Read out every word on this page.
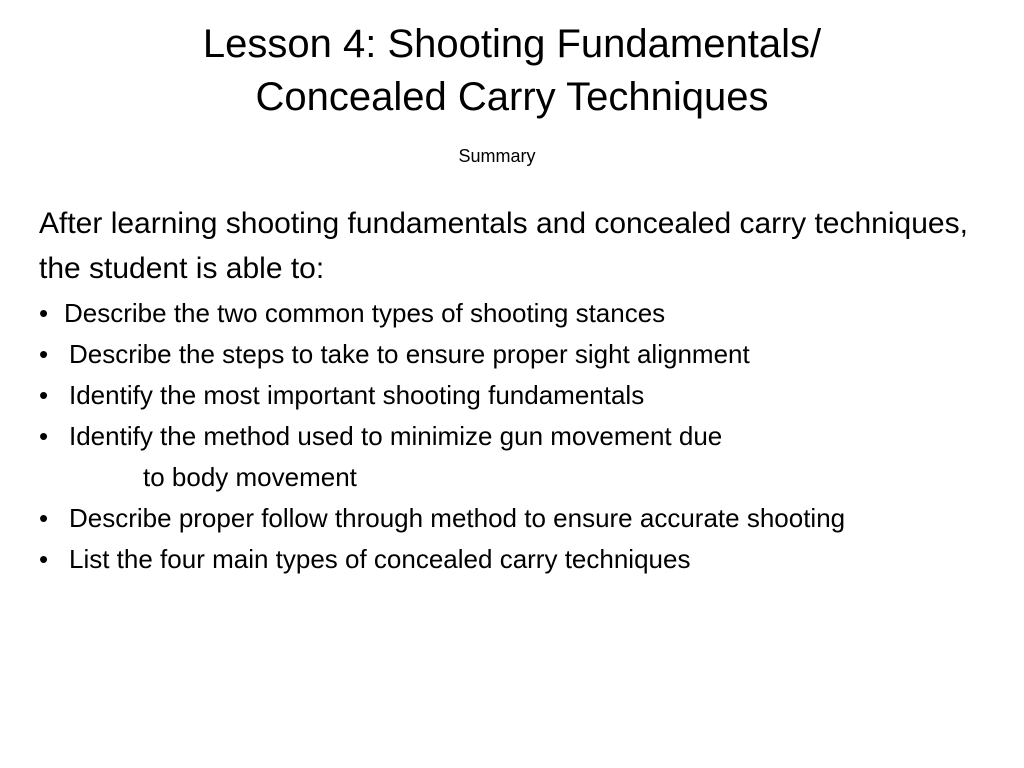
Lesson 4: Shooting Fundamentals/
Concealed Carry Techniques
Summary

After learning shooting fundamentals and concealed carry techniques, the student is able to:

• Describe the two common types of shooting stances
• Describe the steps to take to ensure proper sight alignment
• Identify the most important shooting fundamentals
• Identify the method used to minimize gun movement due
to body movement
• Describe proper follow through method to ensure accurate shooting
• List the four main types of concealed carry techniques
